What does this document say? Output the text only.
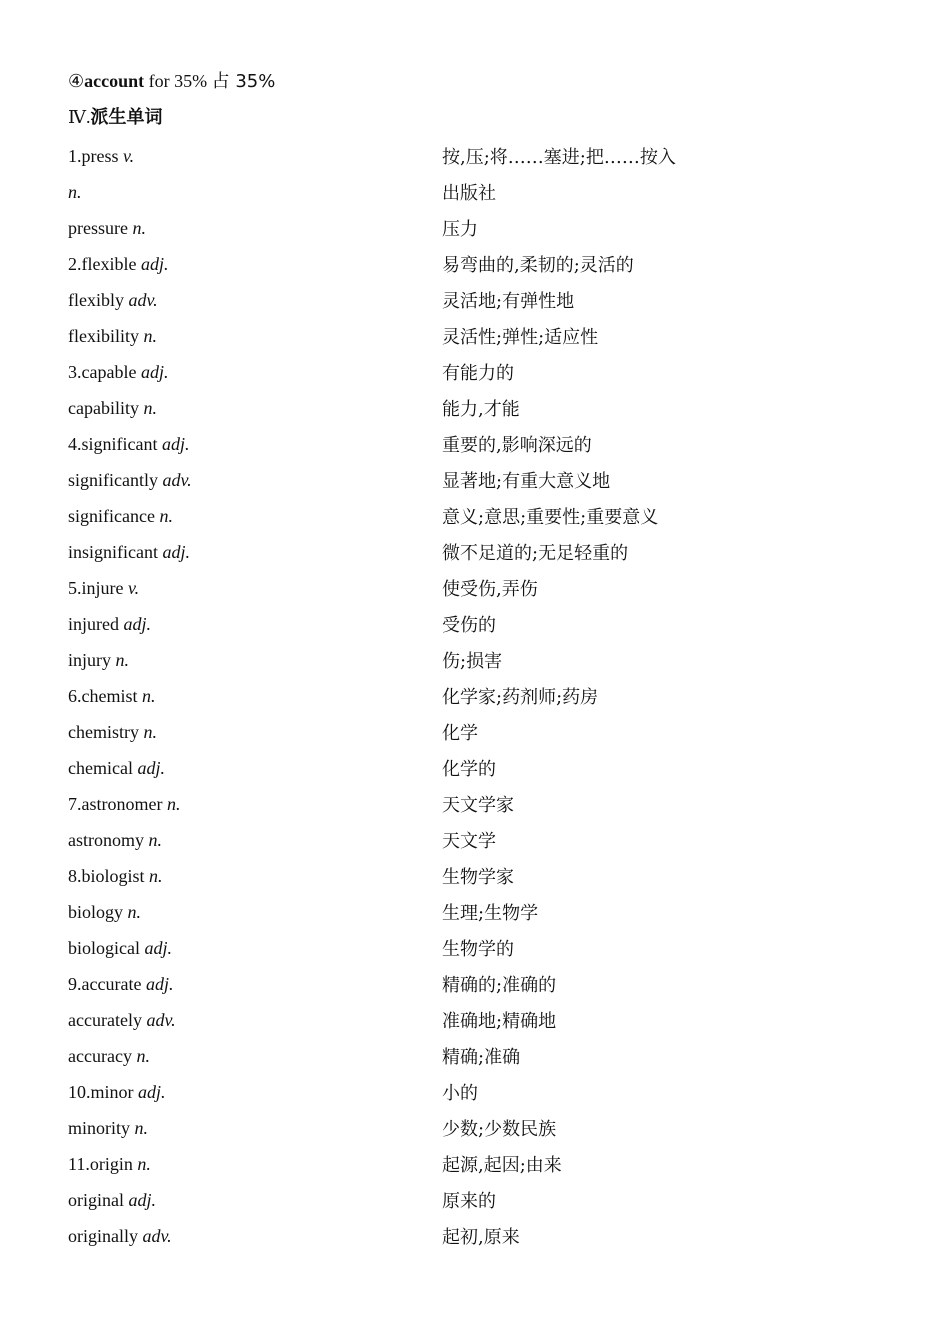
④account for 35% 占 35%
Ⅳ.派生单词
1.press v.	按,压;将……塞进;把……按入
n.	出版社
pressure n.	压力
2.flexible adj.	易弯曲的,柔韧的;灵活的
flexibly adv.	灵活地;有弹性地
flexibility n.	灵活性;弹性;适应性
3.capable adj.	有能力的
capability n.	能力,才能
4.significant adj.	重要的,影响深远的
significantly adv.	显著地;有重大意义地
significance n.	意义;意思;重要性;重要意义
insignificant adj.	微不足道的;无足轻重的
5.injure v.	使受伤,弄伤
injured adj.	受伤的
injury n.	伤;损害
6.chemist n.	化学家;药剂师;药房
chemistry n.	化学
chemical adj.	化学的
7.astronomer n.	天文学家
astronomy n.	天文学
8.biologist n.	生物学家
biology n.	生理;生物学
biological adj.	生物学的
9.accurate adj.	精确的;准确的
accurately adv.	准确地;精确地
accuracy n.	精确;准确
10.minor adj.	小的
minority n.	少数;少数民族
11.origin n.	起源,起因;由来
original adj.	原来的
originally adv.	起初,原来
